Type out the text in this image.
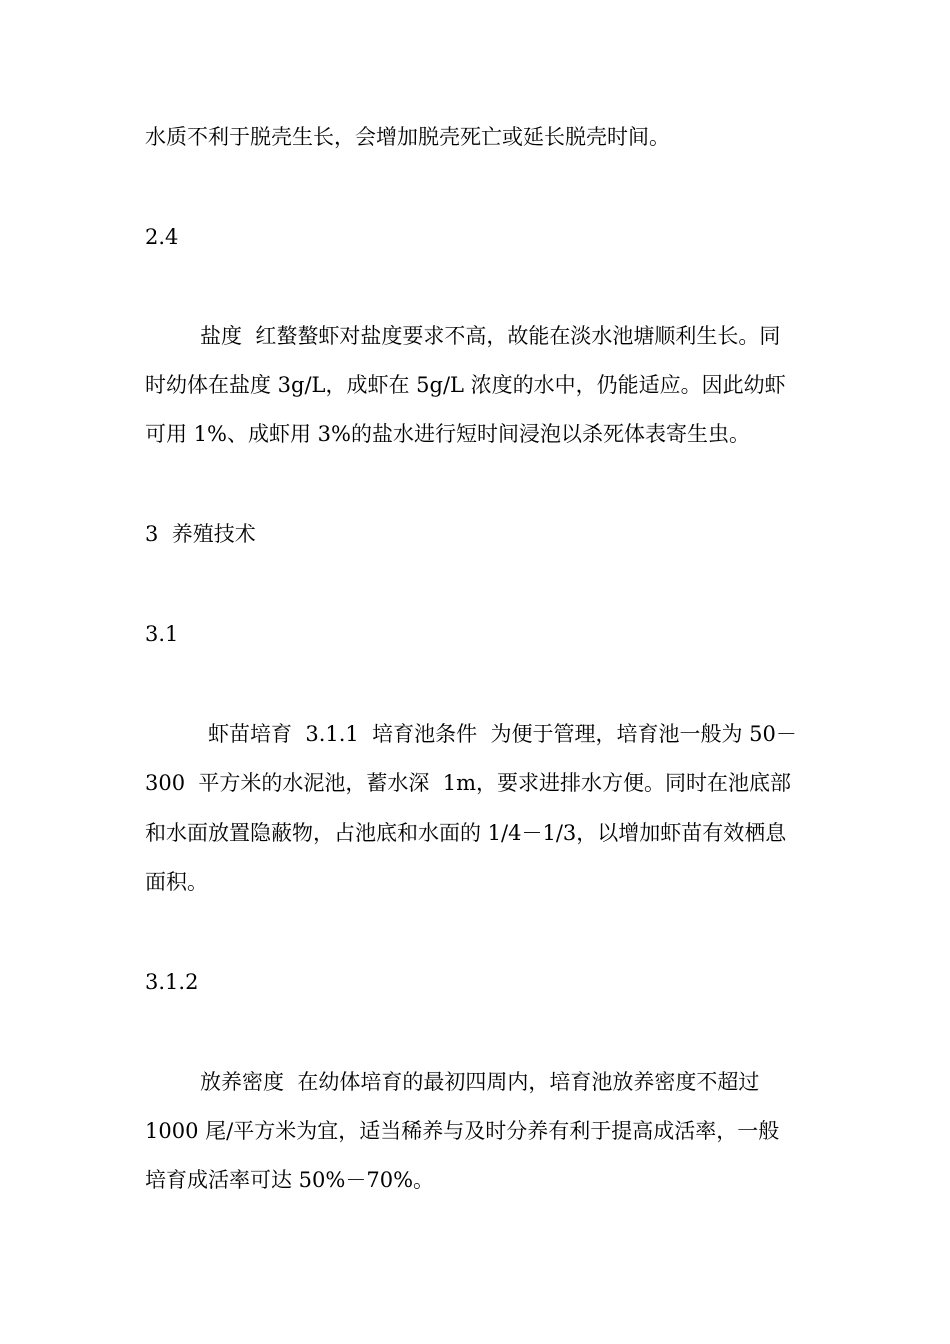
水质不利于脱壳生长，会增加脱壳死亡或延长脱壳时间。
2.4
盐度  红螯螯虾对盐度要求不高，故能在淡水池塘顺利生长。同
时幼体在盐度 3g/L，成虾在 5g/L 浓度的水中，仍能适应。因此幼虾
可用 1%、成虾用 3%的盐水进行短时间浸泡以杀死体表寄生虫。
3  养殖技术
3.1
虾苗培育  3.1.1  培育池条件  为便于管理，培育池一般为 50－
300  平方米的水泥池，蓄水深  1m，要求进排水方便。同时在池底部
和水面放置隐蔽物，占池底和水面的 1/4－1/3，以增加虾苗有效栖息
面积。
3.1.2
放养密度  在幼体培育的最初四周内，培育池放养密度不超过
1000 尾/平方米为宜，适当稀养与及时分养有利于提高成活率，一般
培育成活率可达 50%－70%。
